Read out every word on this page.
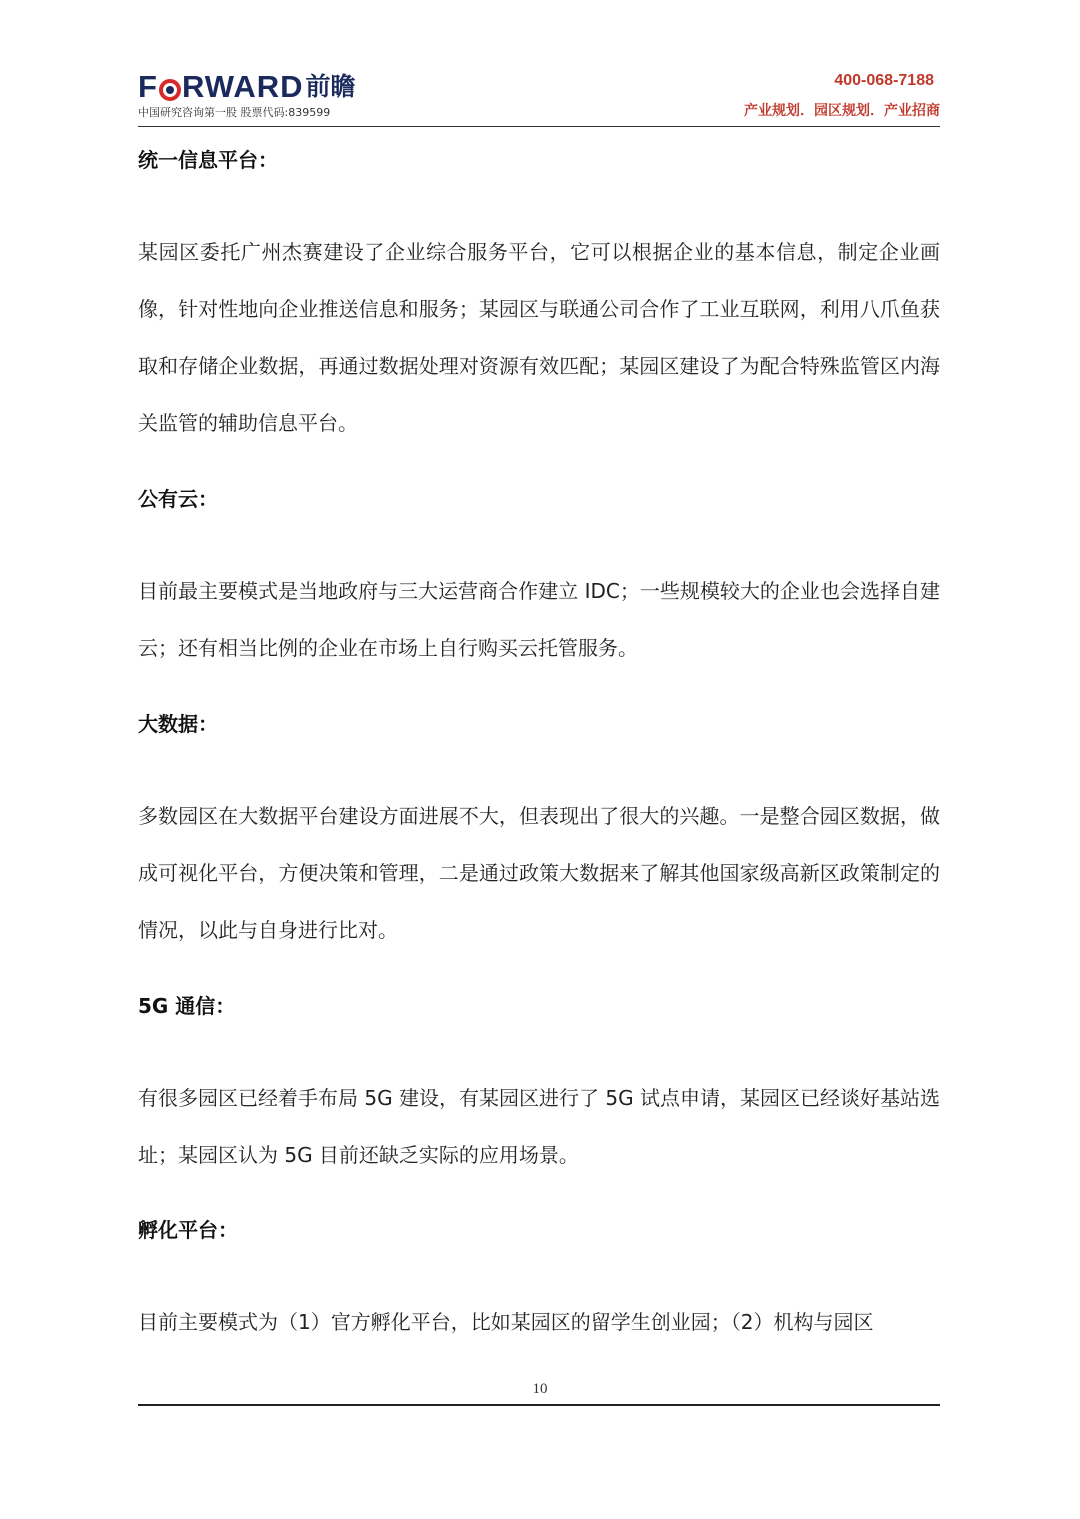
F RWARD 前瞻
中国研究咨询第一股 股票代码:839599
400-068-7188
产业规划．园区规划．产业招商
统一信息平台：

某园区委托广州杰赛建设了企业综合服务平台，它可以根据企业的基本信息，制定企业画像，针对性地向企业推送信息和服务；某园区与联通公司合作了工业互联网，利用八爪鱼获取和存储企业数据，再通过数据处理对资源有效匹配；某园区建设了为配合特殊监管区内海关监管的辅助信息平台。

公有云：

目前最主要模式是当地政府与三大运营商合作建立 IDC；一些规模较大的企业也会选择自建云；还有相当比例的企业在市场上自行购买云托管服务。

大数据：

多数园区在大数据平台建设方面进展不大，但表现出了很大的兴趣。一是整合园区数据，做成可视化平台，方便决策和管理，二是通过政策大数据来了解其他国家级高新区政策制定的情况，以此与自身进行比对。

5G 通信：

有很多园区已经着手布局 5G 建设，有某园区进行了 5G 试点申请，某园区已经谈好基站选址；某园区认为 5G 目前还缺乏实际的应用场景。

孵化平台：

目前主要模式为（1）官方孵化平台，比如某园区的留学生创业园；（2）机构与园区

10
